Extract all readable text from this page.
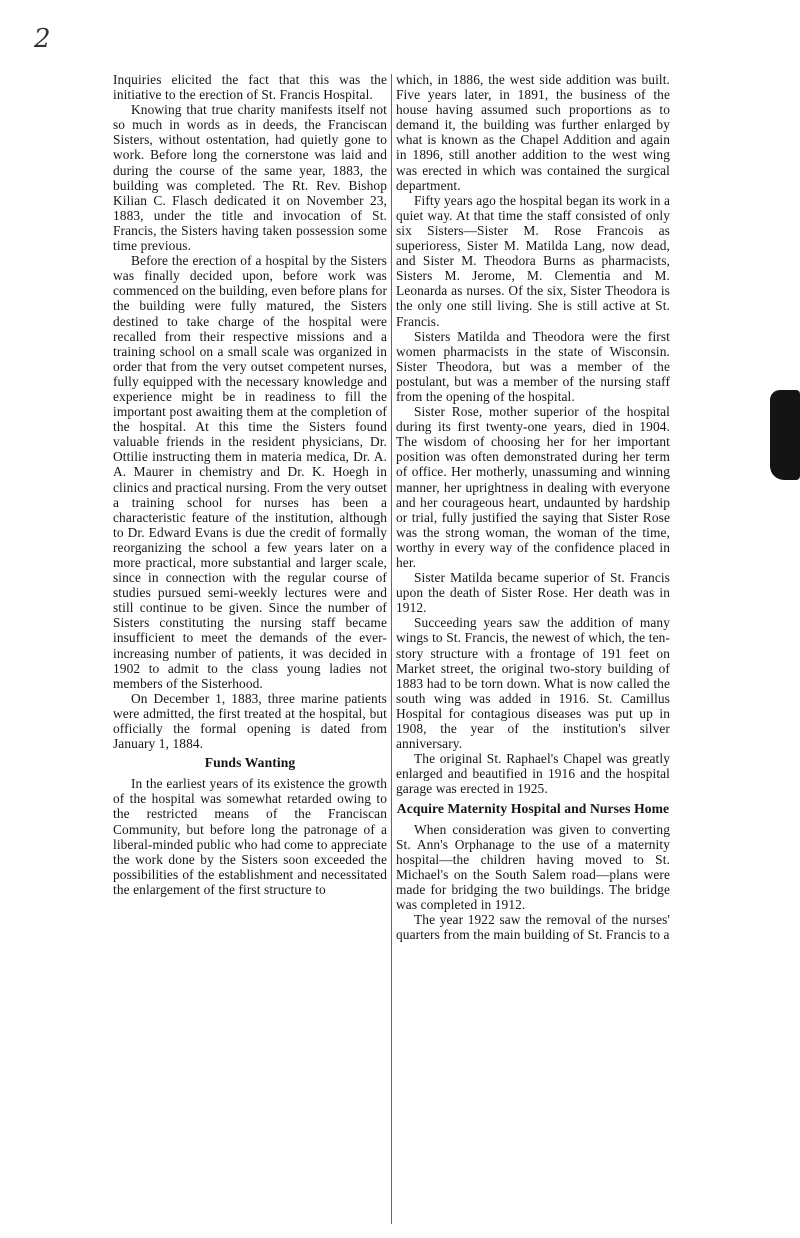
2

Inquiries elicited the fact that this was the initiative to the erection of St. Francis Hospital.

Knowing that true charity manifests itself not so much in words as in deeds, the Franciscan Sisters, without ostentation, had quietly gone to work. Before long the cornerstone was laid and during the course of the same year, 1883, the building was completed. The Rt. Rev. Bishop Kilian C. Flasch dedicated it on November 23, 1883, under the title and invocation of St. Francis, the Sisters having taken possession some time previous.

Before the erection of a hospital by the Sisters was finally decided upon, before work was commenced on the building, even before plans for the building were fully matured, the Sisters destined to take charge of the hospital were recalled from their respective missions and a training school on a small scale was organized in order that from the very outset competent nurses, fully equipped with the necessary knowledge and experience might be in readiness to fill the important post awaiting them at the completion of the hospital. At this time the Sisters found valuable friends in the resident physicians, Dr. Ottilie instructing them in materia medica, Dr. A. A. Maurer in chemistry and Dr. K. Hoegh in clinics and practical nursing. From the very outset a training school for nurses has been a characteristic feature of the institution, although to Dr. Edward Evans is due the credit of formally reorganizing the school a few years later on a more practical, more substantial and larger scale, since in connection with the regular course of studies pursued semi-weekly lectures were and still continue to be given. Since the number of Sisters constituting the nursing staff became insufficient to meet the demands of the ever-increasing number of patients, it was decided in 1902 to admit to the class young ladies not members of the Sisterhood.

On December 1, 1883, three marine patients were admitted, the first treated at the hospital, but officially the formal opening is dated from January 1, 1884.

Funds Wanting

In the earliest years of its existence the growth of the hospital was somewhat retarded owing to the restricted means of the Franciscan Community, but before long the patronage of a liberal-minded public who had come to appreciate the work done by the Sisters soon exceeded the possibilities of the establishment and necessitated the enlargement of the first structure to

which, in 1886, the west side addition was built. Five years later, in 1891, the business of the house having assumed such proportions as to demand it, the building was further enlarged by what is known as the Chapel Addition and again in 1896, still another addition to the west wing was erected in which was contained the surgical department.

Fifty years ago the hospital began its work in a quiet way. At that time the staff consisted of only six Sisters—Sister M. Rose Francois as superioress, Sister M. Matilda Lang, now dead, and Sister M. Theodora Burns as pharmacists, Sisters M. Jerome, M. Clementia and M. Leonarda as nurses. Of the six, Sister Theodora is the only one still living. She is still active at St. Francis.

Sisters Matilda and Theodora were the first women pharmacists in the state of Wisconsin. Sister Theodora, but was a member of the postulant, but was a member of the nursing staff from the opening of the hospital.

Sister Rose, mother superior of the hospital during its first twenty-one years, died in 1904. The wisdom of choosing her for her important position was often demonstrated during her term of office. Her motherly, unassuming and winning manner, her uprightness in dealing with everyone and her courageous heart, undaunted by hardship or trial, fully justified the saying that Sister Rose was the strong woman, the woman of the time, worthy in every way of the confidence placed in her.

Sister Matilda became superior of St. Francis upon the death of Sister Rose. Her death was in 1912.

Succeeding years saw the addition of many wings to St. Francis, the newest of which, the ten-story structure with a frontage of 191 feet on Market street, the original two-story building of 1883 had to be torn down. What is now called the south wing was added in 1916. St. Camillus Hospital for contagious diseases was put up in 1908, the year of the institution's silver anniversary.

The original St. Raphael's Chapel was greatly enlarged and beautified in 1916 and the hospital garage was erected in 1925.

Acquire Maternity Hospital and Nurses Home

When consideration was given to converting St. Ann's Orphanage to the use of a maternity hospital—the children having moved to St. Michael's on the South Salem road—plans were made for bridging the two buildings. The bridge was completed in 1912.

The year 1922 saw the removal of the nurses' quarters from the main building of St. Francis to a
